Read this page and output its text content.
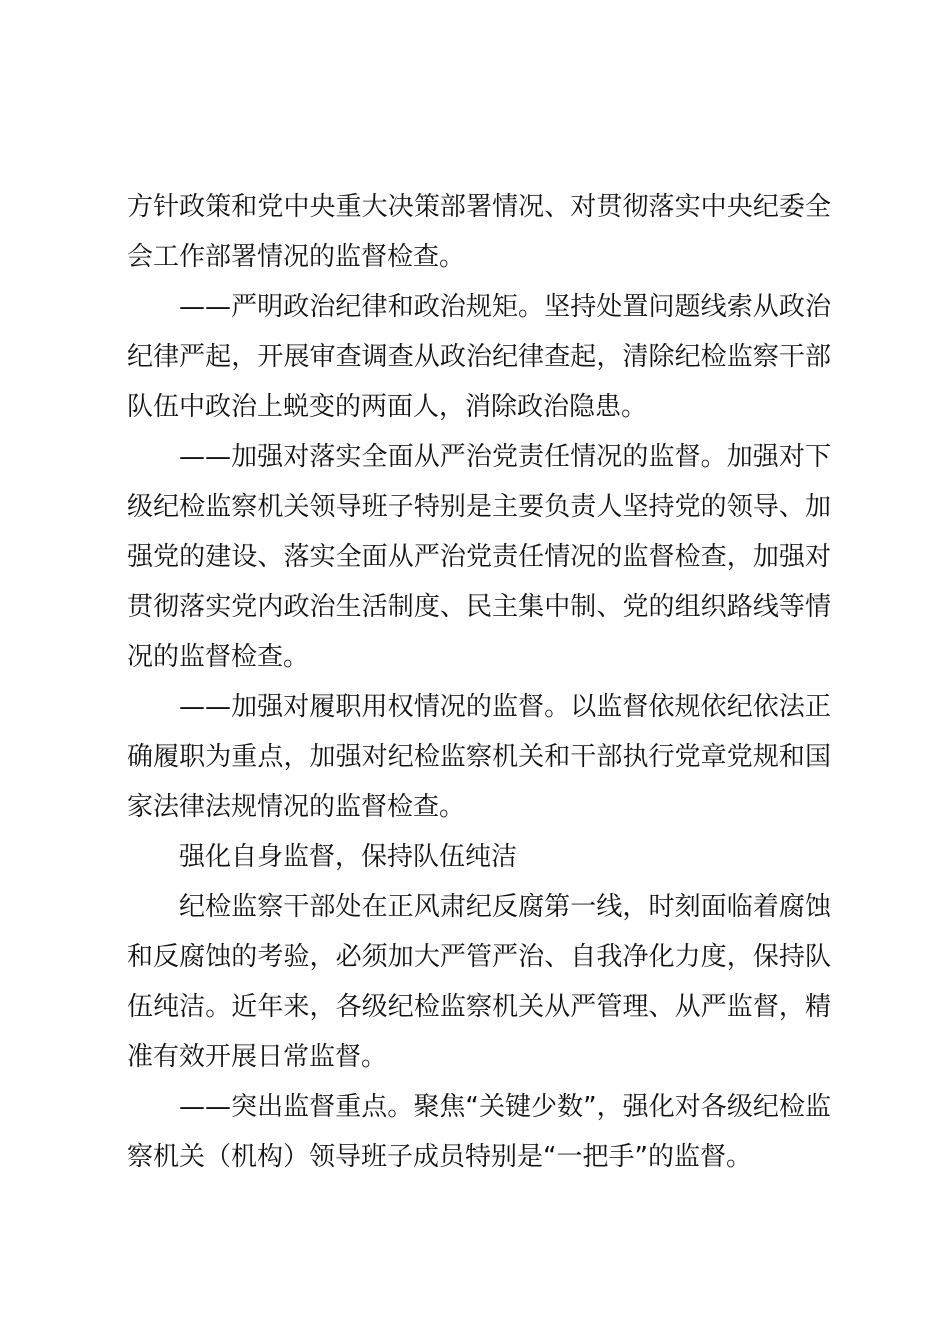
方针政策和党中央重大决策部署情况、对贯彻落实中央纪委全会工作部署情况的监督检查。

——严明政治纪律和政治规矩。坚持处置问题线索从政治纪律严起，开展审查调查从政治纪律查起，清除纪检监察干部队伍中政治上蜕变的两面人，消除政治隐患。

——加强对落实全面从严治党责任情况的监督。加强对下级纪检监察机关领导班子特别是主要负责人坚持党的领导、加强党的建设、落实全面从严治党责任情况的监督检查，加强对贯彻落实党内政治生活制度、民主集中制、党的组织路线等情况的监督检查。

——加强对履职用权情况的监督。以监督依规依纪依法正确履职为重点，加强对纪检监察机关和干部执行党章党规和国家法律法规情况的监督检查。

强化自身监督，保持队伍纯洁

纪检监察干部处在正风肃纪反腐第一线，时刻面临着腐蚀和反腐蚀的考验，必须加大严管严治、自我净化力度，保持队伍纯洁。近年来，各级纪检监察机关从严管理、从严监督，精准有效开展日常监督。

——突出监督重点。聚焦“关键少数”，强化对各级纪检监察机关（机构）领导班子成员特别是“一把手”的监督。
